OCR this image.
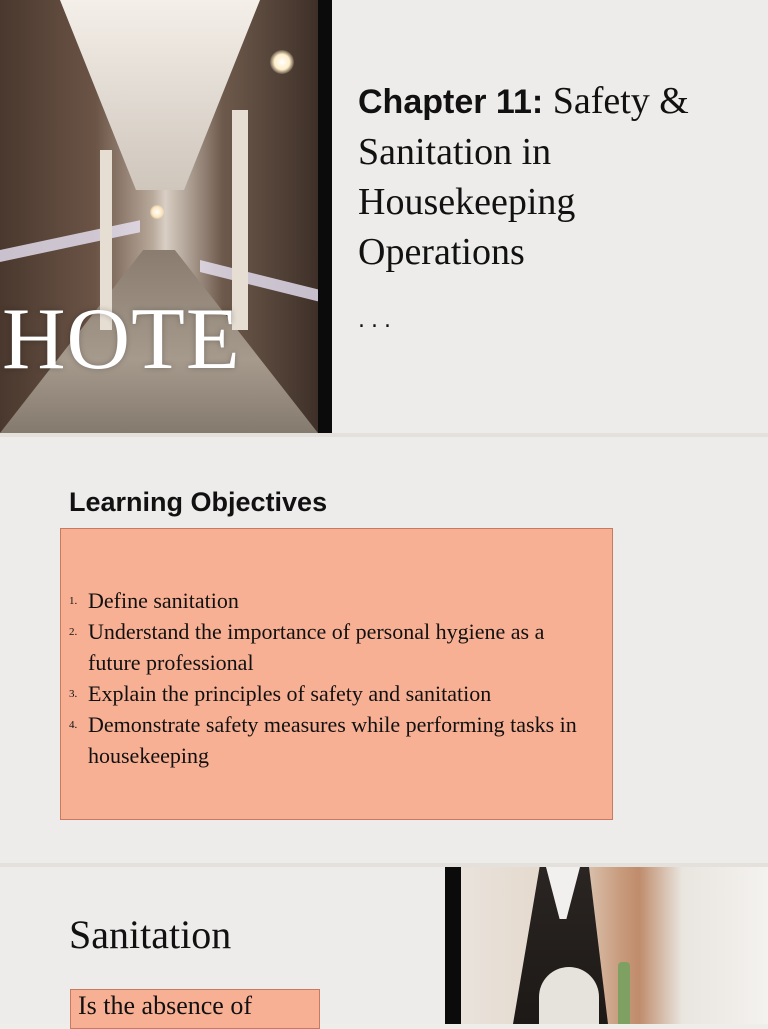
HOTE

Chapter 11: Safety & Sanitation in Housekeeping Operations
...
Learning Objectives
1. Define sanitation
2. Understand the importance of personal hygiene as a future professional
3. Explain the principles of safety and sanitation
4. Demonstrate safety measures while performing tasks in housekeeping
Sanitation

Is the absence of
